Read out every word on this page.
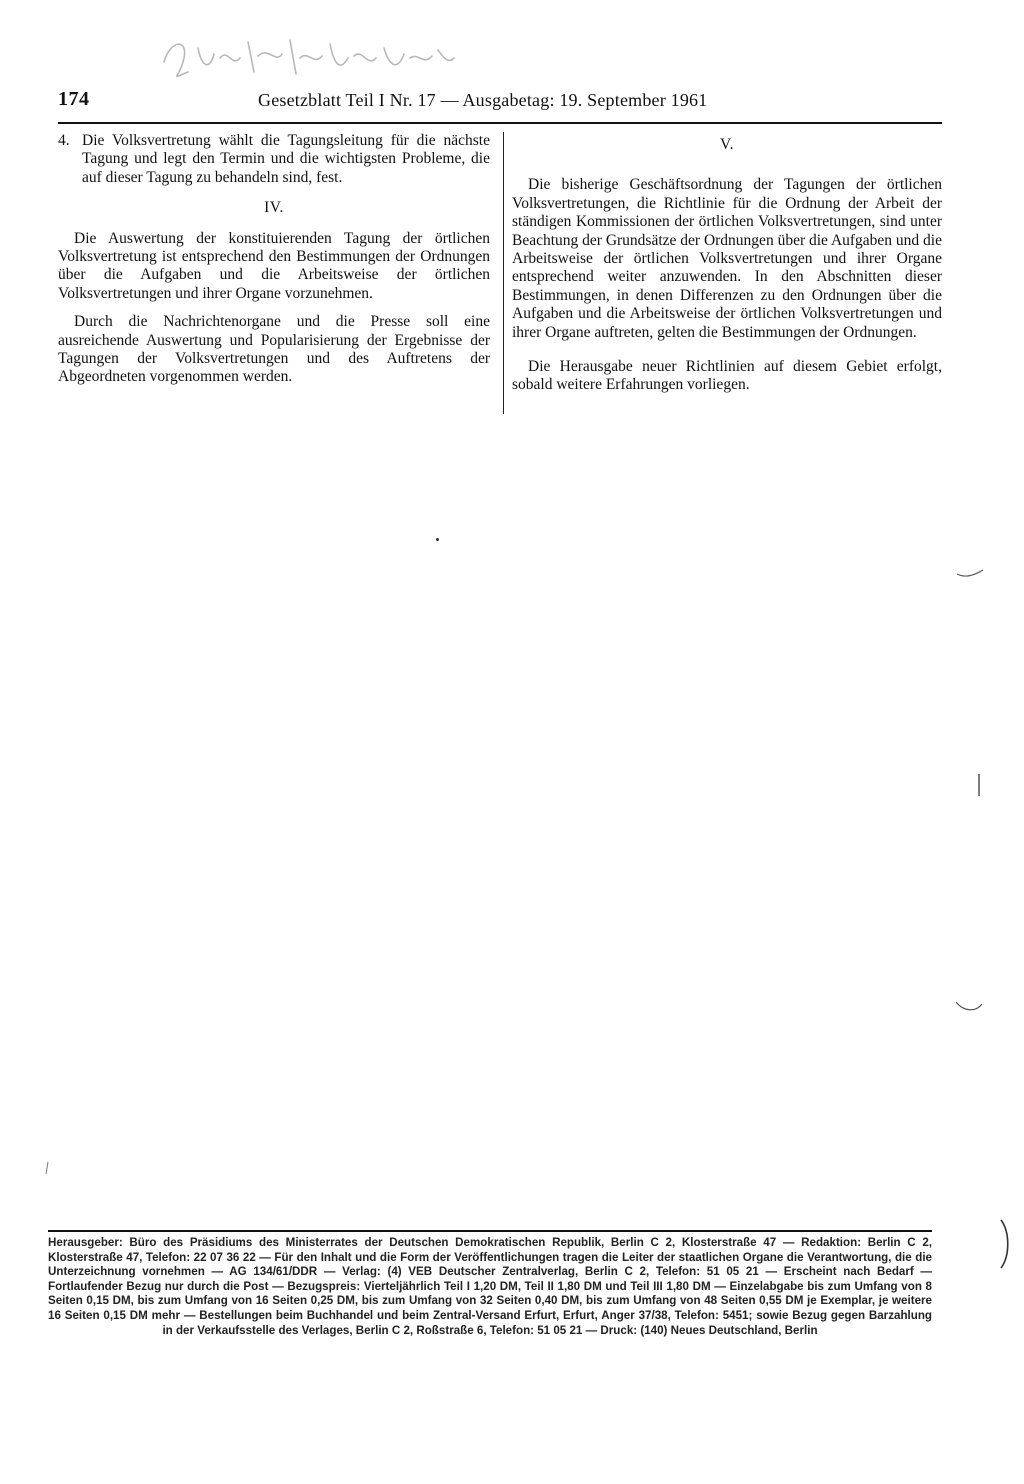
174	Gesetzblatt Teil I Nr. 17 — Ausgabetag: 19. September 1961
4. Die Volksvertretung wählt die Tagungsleitung für die nächste Tagung und legt den Termin und die wichtigsten Probleme, die auf dieser Tagung zu behandeln sind, fest.
IV.

Die Auswertung der konstituierenden Tagung der örtlichen Volksvertretung ist entsprechend den Bestimmungen der Ordnungen über die Aufgaben und die Arbeitsweise der örtlichen Volksvertretungen und ihrer Organe vorzunehmen.

Durch die Nachrichtenorgane und die Presse soll eine ausreichende Auswertung und Popularisierung der Ergebnisse der Tagungen der Volksvertretungen und des Auftretens der Abgeordneten vorgenommen werden.

V.

Die bisherige Geschäftsordnung der Tagungen der örtlichen Volksvertretungen, die Richtlinie für die Ordnung der Arbeit der ständigen Kommissionen der örtlichen Volksvertretungen, sind unter Beachtung der Grundsätze der Ordnungen über die Aufgaben und die Arbeitsweise der örtlichen Volksvertretungen und ihrer Organe entsprechend weiter anzuwenden. In den Abschnitten dieser Bestimmungen, in denen Differenzen zu den Ordnungen über die Aufgaben und die Arbeitsweise der örtlichen Volksvertretungen und ihrer Organe auftreten, gelten die Bestimmungen der Ordnungen.

Die Herausgabe neuer Richtlinien auf diesem Gebiet erfolgt, sobald weitere Erfahrungen vorliegen.

Herausgeber: Büro des Präsidiums des Ministerrates der Deutschen Demokratischen Republik, Berlin C 2, Klosterstraße 47 — Redaktion: Berlin C 2, Klosterstraße 47, Telefon: 22 07 36 22 — Für den Inhalt und die Form der Veröffentlichungen tragen die Leiter der staatlichen Organe die Verantwortung, die die Unterzeichnung vornehmen — AG 134/61/DDR — Verlag: (4) VEB Deutscher Zentralverlag, Berlin C 2, Telefon: 51 05 21 — Erscheint nach Bedarf — Fortlaufender Bezug nur durch die Post — Bezugspreis: Vierteljährlich Teil I 1,20 DM, Teil II 1,80 DM und Teil III 1,80 DM — Einzelabgabe bis zum Umfang von 8 Seiten 0,15 DM, bis zum Umfang von 16 Seiten 0,25 DM, bis zum Umfang von 32 Seiten 0,40 DM, bis zum Umfang von 48 Seiten 0,55 DM je Exemplar, je weitere 16 Seiten 0,15 DM mehr — Bestellungen beim Buchhandel und beim Zentral-Versand Erfurt, Erfurt, Anger 37/38, Telefon: 5451; sowie Bezug gegen Barzahlung in der Verkaufsstelle des Verlages, Berlin C 2, Roßstraße 6, Telefon: 51 05 21 — Druck: (140) Neues Deutschland, Berlin
